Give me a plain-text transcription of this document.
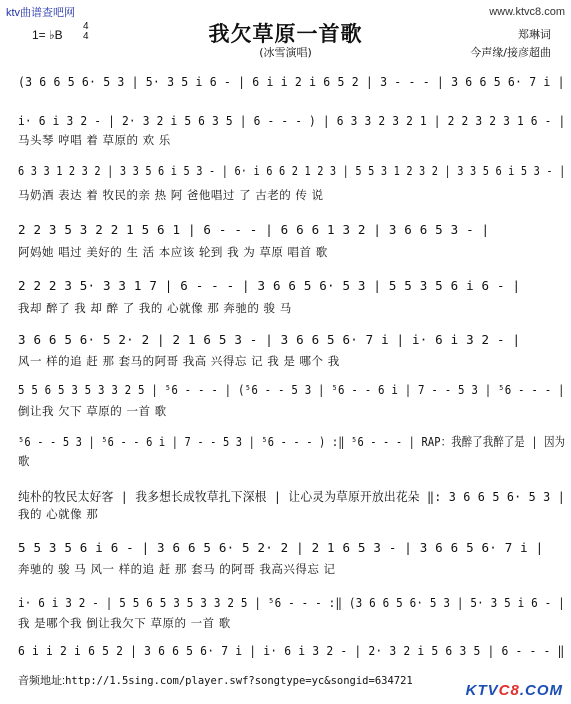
ktv曲谱查吧网	www.ktvc8.com
我欠草原一首歌
(冰雪演唱)
1= ♭B
4
4	郑琳词
今声缘/接彦超曲
(3 6 6 5 6· 5 3 | 5· 3 5 i 6 - | 6 i i 2 i 6 5 2 | 3 - - - | 3 6 6 5 6· 7 i |
i· 6 i 3 2 - | 2· 3 2 i 5 6 3 5 | 6 - - - ) | 6 3 3 2 3 2 1 | 2 2 3 2 3 1 6 - |
马头琴 哼唱 着 草原的 欢 乐
6 3 3 1 2 3 2 | 3 3 5 6 i 5 3 - | 6· i 6 6 2 1 2 3 | 5 5 3 1 2 3 2 | 3 3 5 6 i 5 3 - |
马奶酒 表达 着 牧民的亲 热 阿 爸他唱过 了 古老的 传 说
2 2 3 5 3 2 2 1 5 6 1 | 6 - - - | 6 6 6 1 3 2 | 3 6 6 5 3 - |
阿妈她 唱过 美好的 生 活 本应该 轮到 我 为 草原 唱首 歌
2 2 2 3 5· 3 3 1 7 | 6 - - - | 3 6 6 5 6· 5 3 | 5 5 3 5 6 i 6 - |
我却 醉了 我 却 醉 了 我的 心就像 那 奔驰的 骏 马
3 6 6 5 6· 5 2· 2 | 2 1 6 5 3 - | 3 6 6 5 6· 7 i | i· 6 i 3 2 - |
风一 样的追 赶 那 套马的阿哥 我高 兴得忘 记 我 是 哪个 我
5 5 6 5 3 5 3 3 2 5 | ⁵6 - - - | (⁵6 - - 5 3 | ⁵6 - - 6 i | 7 - - 5 3 | ⁵6 - - - |
倒让我 欠下 草原的 一首 歌
⁵6 - - 5 3 | ⁵6 - - 6 i | 7 - - 5 3 | ⁵6 - - - ) :‖ ⁵6 - - - | RAP：我醉了我醉了是 | 因为
歌
纯朴的牧民太好客 | 我多想长成牧草扎下深根 | 让心灵为草原开放出花朵 ‖: 3 6 6 5 6· 5 3 |
我的 心就像 那
5 5 3 5 6 i 6 - | 3 6 6 5 6· 5 2· 2 | 2 1 6 5 3 - | 3 6 6 5 6· 7 i |
奔驰的 骏 马 风一 样的追 赶 那 套马 的阿哥 我高兴得忘 记
i· 6 i 3 2 - | 5 5 6 5 3 5 3 3 2 5 | ⁵6 - - - :‖ (3 6 6 5 6· 5 3 | 5· 3 5 i 6 - |
我 是哪个我 倒让我欠下 草原的 一首 歌
6 i i 2 i 6 5 2 | 3 6 6 5 6· 7 i | i· 6 i 3 2 - | 2· 3 2 i 5 6 3 5 | 6 - - - ‖
音频地址:http://1.5sing.com/player.swf?songtype=yc&songid=634721
KTVC8.COM
